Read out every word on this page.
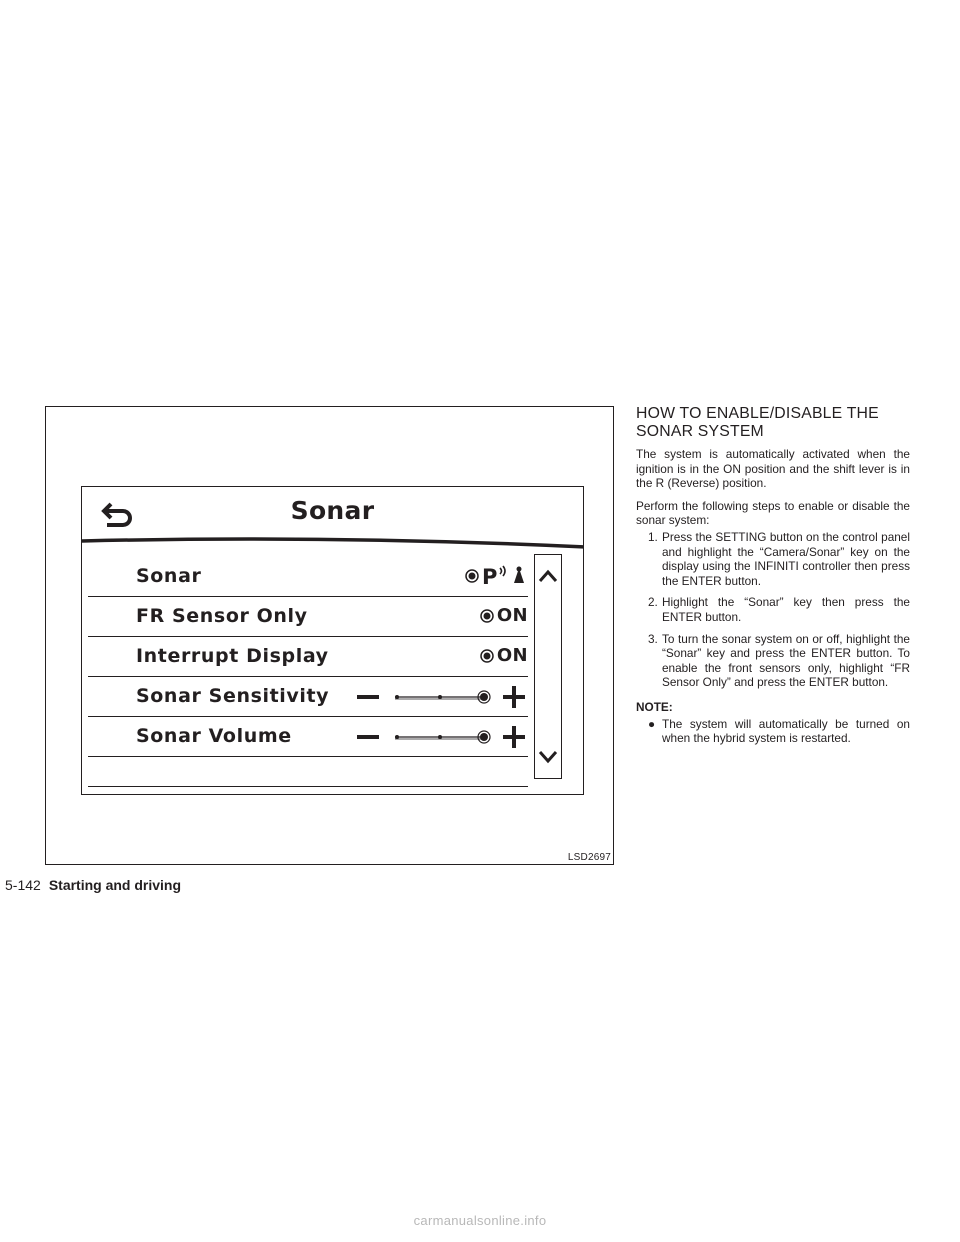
Sonar
Sonar	P
FR Sensor Only	ON
Interrupt Display	ON
Sonar Sensitivity
Sonar Volume
LSD2697
HOW TO ENABLE/DISABLE THE SONAR SYSTEM

The system is automatically activated when the ignition is in the ON position and the shift lever is in the R (Reverse) position.

Perform the following steps to enable or disable the sonar system:

1. Press the SETTING button on the control panel and highlight the “Camera/Sonar” key on the display using the INFINITI controller then press the ENTER button.
2. Highlight the “Sonar” key then press the ENTER button.
3. To turn the sonar system on or off, highlight the “Sonar” key and press the ENTER button. To enable the front sensors only, highlight “FR Sensor Only” and press the ENTER button.
NOTE:
● The system will automatically be turned on when the hybrid system is restarted.
5-142 Starting and driving
carmanualsonline.info
